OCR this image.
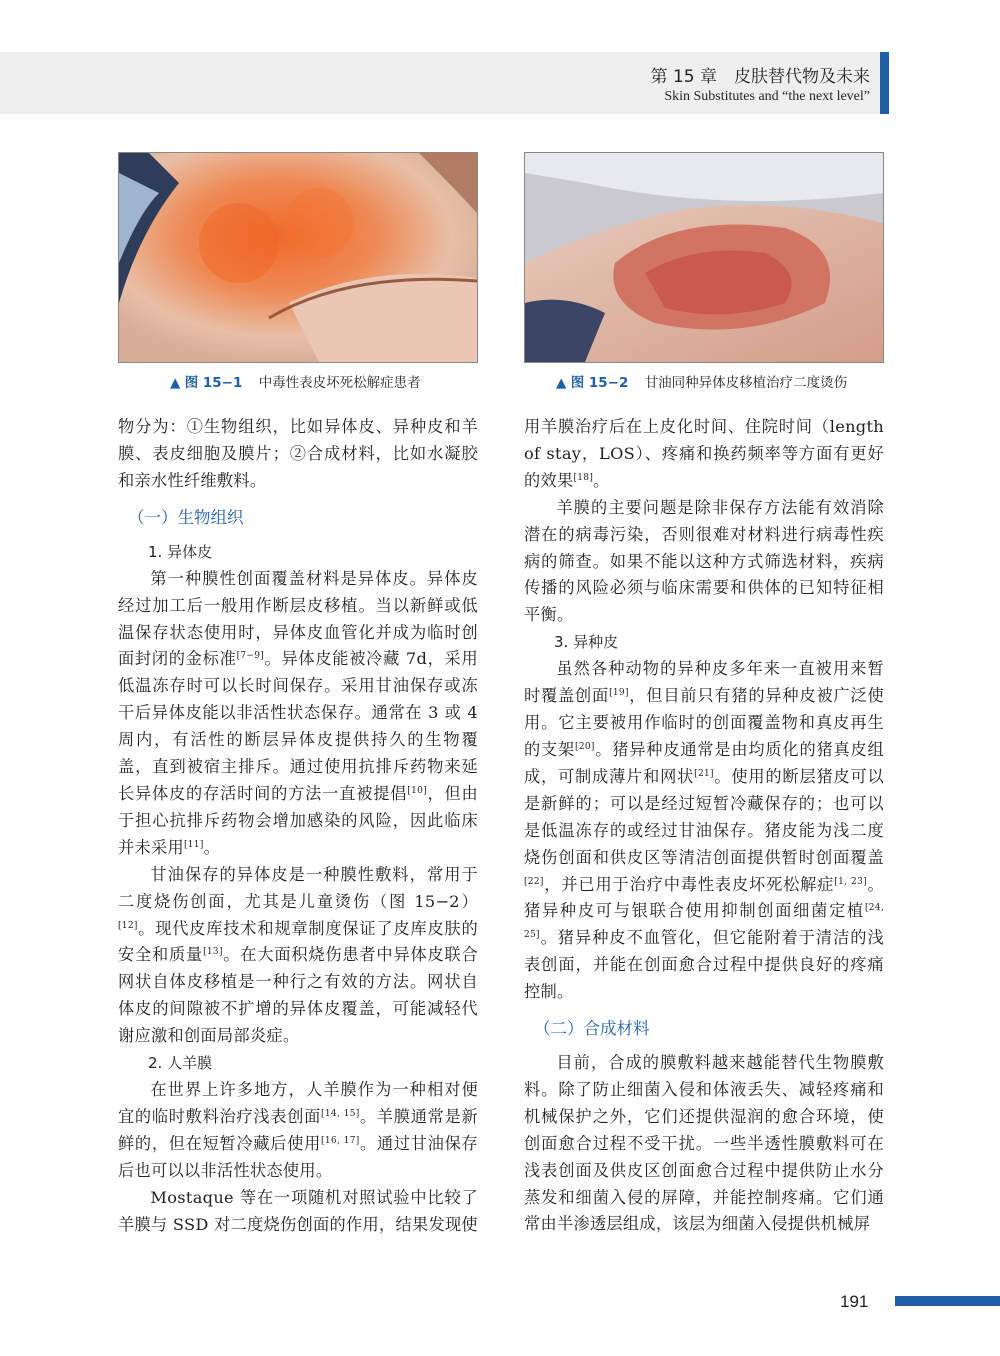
第 15 章　皮肤替代物及未来
Skin Substitutes and “the next level”
▲ 图 15−1 中毒性表皮坏死松解症患者	▲ 图 15−2 甘油同种异体皮移植治疗二度烫伤

物分为：①生物组织，比如异体皮、异种皮和羊膜、表皮细胞及膜片；②合成材料，比如水凝胶和亲水性纤维敷料。

（一）生物组织
1. 异体皮

第一种膜性创面覆盖材料是异体皮。异体皮经过加工后一般用作断层皮移植。当以新鲜或低温保存状态使用时，异体皮血管化并成为临时创面封闭的金标准[7−9]。异体皮能被冷藏 7d，采用低温冻存时可以长时间保存。采用甘油保存或冻干后异体皮能以非活性状态保存。通常在 3 或 4 周内，有活性的断层异体皮提供持久的生物覆盖，直到被宿主排斥。通过使用抗排斥药物来延长异体皮的存活时间的方法一直被提倡[10]，但由于担心抗排斥药物会增加感染的风险，因此临床并未采用[11]。

甘油保存的异体皮是一种膜性敷料，常用于二度烧伤创面，尤其是儿童烫伤（图 15−2）[12]。现代皮库技术和规章制度保证了皮库皮肤的安全和质量[13]。在大面积烧伤患者中异体皮联合网状自体皮移植是一种行之有效的方法。网状自体皮的间隙被不扩增的异体皮覆盖，可能减轻代谢应激和创面局部炎症。

2. 人羊膜

在世界上许多地方，人羊膜作为一种相对便宜的临时敷料治疗浅表创面[14, 15]。羊膜通常是新鲜的，但在短暂冷藏后使用[16, 17]。通过甘油保存后也可以以非活性状态使用。

Mostaque 等在一项随机对照试验中比较了羊膜与 SSD 对二度烧伤创面的作用，结果发现使

用羊膜治疗后在上皮化时间、住院时间（length of stay，LOS）、疼痛和换药频率等方面有更好的效果[18]。

羊膜的主要问题是除非保存方法能有效消除潜在的病毒污染，否则很难对材料进行病毒性疾病的筛查。如果不能以这种方式筛选材料，疾病传播的风险必须与临床需要和供体的已知特征相平衡。

3. 异种皮

虽然各种动物的异种皮多年来一直被用来暂时覆盖创面[19]，但目前只有猪的异种皮被广泛使用。它主要被用作临时的创面覆盖物和真皮再生的支架[20]。猪异种皮通常是由均质化的猪真皮组成，可制成薄片和网状[21]。使用的断层猪皮可以是新鲜的；可以是经过短暂冷藏保存的；也可以是低温冻存的或经过甘油保存。猪皮能为浅二度烧伤创面和供皮区等清洁创面提供暂时创面覆盖[22]，并已用于治疗中毒性表皮坏死松解症[1, 23]。猪异种皮可与银联合使用抑制创面细菌定植[24, 25]。猪异种皮不血管化，但它能附着于清洁的浅表创面，并能在创面愈合过程中提供良好的疼痛控制。

（二）合成材料

目前，合成的膜敷料越来越能替代生物膜敷料。除了防止细菌入侵和体液丢失、减轻疼痛和机械保护之外，它们还提供湿润的愈合环境，使创面愈合过程不受干扰。一些半透性膜敷料可在浅表创面及供皮区创面愈合过程中提供防止水分蒸发和细菌入侵的屏障，并能控制疼痛。它们通常由半渗透层组成，该层为细菌入侵提供机械屏

191
